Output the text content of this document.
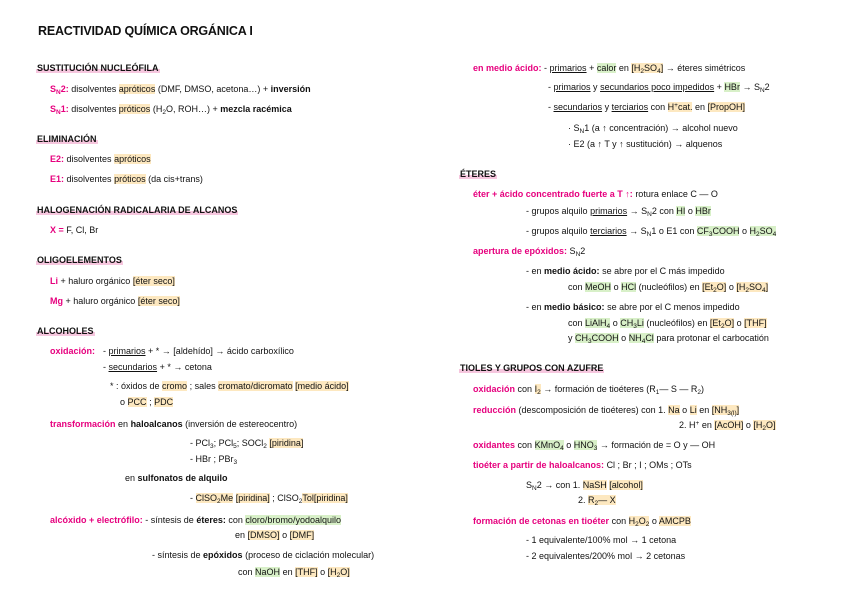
REACTIVIDAD QUÍMICA ORGÁNICA I
SUSTITUCIÓN NUCLEÓFILA
$S_N2$: disolventes apróticos (DMF, DMSO, acetona…) + inversión
$S_N1$: disolventes próticos ($H_2O$, ROH…) + mezcla racémica
ELIMINACIÓN
E2: disolventes apróticos
E1: disolventes próticos (da cis+trans)
HALOGENACIÓN RADICALARIA DE ALCANOS
X = F, Cl, Br
OLIGOELEMENTOS
Li + haluro orgánico [éter seco]
Mg + haluro orgánico [éter seco]
ALCOHOLES
oxidación: - primarios + * → [aldehído] → ácido carboxílico
- secundarios + * → cetona
* : óxidos de cromo ; sales cromato/dicromato [medio ácido]
o PCC ; PDC
transformación en haloalcanos (inversión de estereocentro)
- PCl$_3$; PCl$_5$; SOCl$_2$ [piridina]
- HBr ; PBr$_3$
en sulfonatos de alquilo
- ClSO$_2$Me [piridina] ; ClSO$_2$Tol[piridina]
alcóxido + electrófilo: - síntesis de éteres: con cloro/bromo/yodoalquilo
en [DMSO] o [DMF]
- síntesis de epóxidos (proceso de ciclación molecular)
con NaOH en [THF] o $[H_2O]$
en medio ácido: - primarios + calor en $[H_2SO_4]$ → éteres simétricos
- primarios y secundarios poco impedidos + HBr → $S_N2$
- secundarios y terciarios con H+cat. en [PropOH]
· $S_N1$ (a ↑ concentración) → alcohol nuevo
· E2 (a ↑ T y ↑ sustitución) → alquenos
ÉTERES
éter + ácido concentrado fuerte a T ↑: rotura enlace C — O
- grupos alquilo primarios → $S_N2$ con HI o HBr
- grupos alquilo terciarios → $S_N1$ o E1 con $CF_3COOH$ o $H_2SO_4$
apertura de epóxidos: $S_N2$
- en medio ácido: se abre por el C más impedido
con MeOH o HCl (nucleófilos) en $[Et_2O]$ o $[H_2SO_4]$
- en medio básico: se abre por el C menos impedido
con LiAlH$_4$ o $CH_3Li$ (nucleófilos) en $[Et_2O]$ o [THF]
y $CH_3COOH$ o $NH_4Cl$ para protonar el carbocatión
TIOLES Y GRUPOS CON AZUFRE
oxidación con $I_2$ → formación de tioéteres ($R_1—$ S — $R_2$)
reducción (descomposición de tioéteres) con 1. Na o Li en $[NH_{3(l)}]$
2. H+ en [AcOH] o $[H_2O]$
oxidantes con KMnO$_4$ o $HNO_3$ → formación de = O y — OH
tioéter a partir de haloalcanos: Cl ; Br ; I ; OMs ; OTs
$S_N2$ → con 1. NaSH [alcohol]
2. $R_2—$ X
formación de cetonas en tioéter con $H_2O_2$ o AMCPB
- 1 equivalente/100% mol → 1 cetona
- 2 equivalentes/200% mol → 2 cetonas
